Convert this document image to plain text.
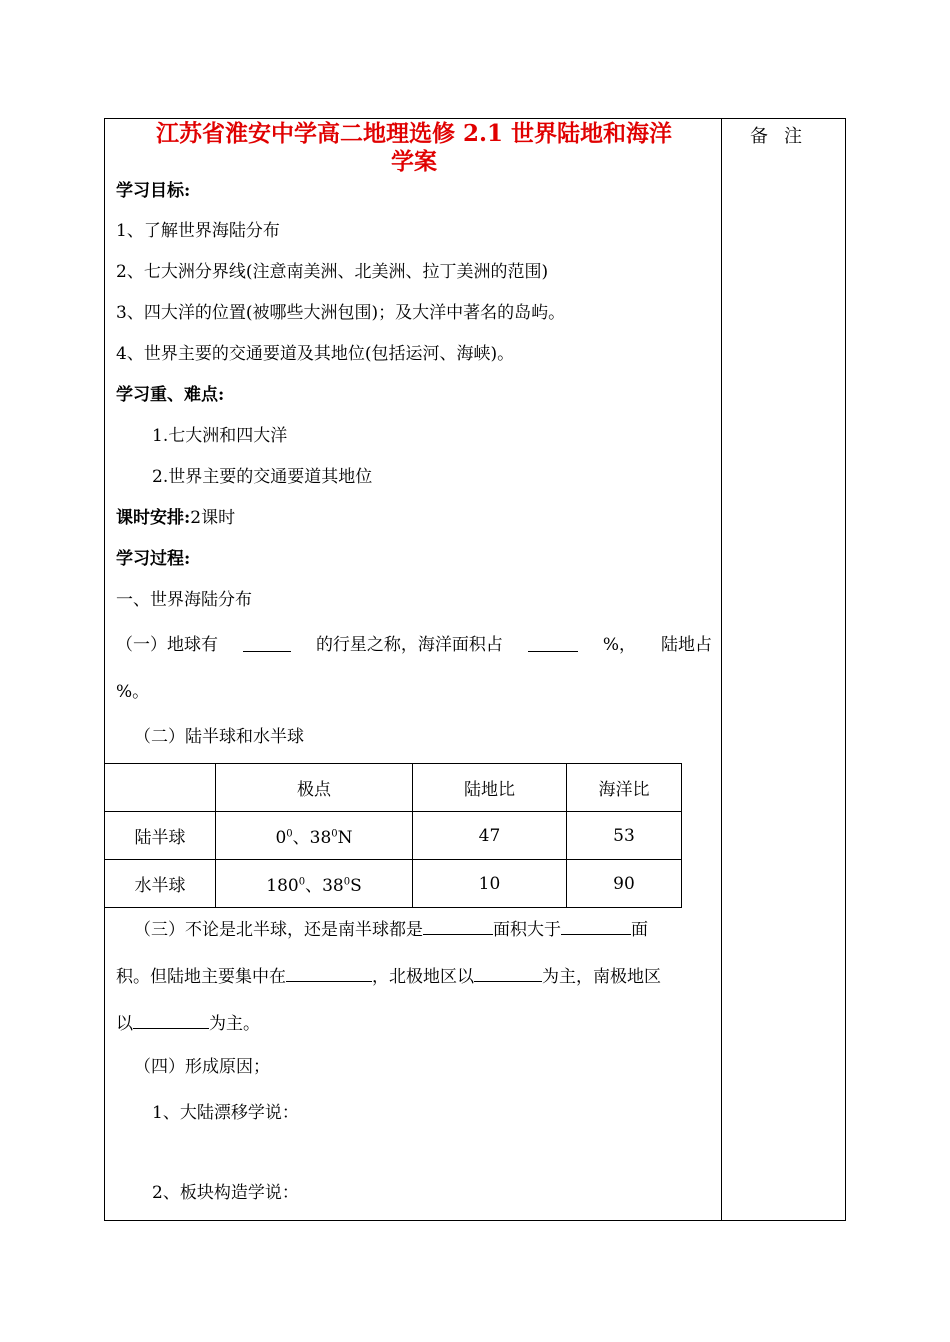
备注
江苏省淮安中学高二地理选修 2.1 世界陆地和海洋
学案
学习目标:
1、了解世界海陆分布
2、七大洲分界线(注意南美洲、北美洲、拉丁美洲的范围)
3、四大洋的位置(被哪些大洲包围)；及大洋中著名的岛屿。
4、世界主要的交通要道及其地位(包括运河、海峡)。
学习重、难点:
1.七大洲和四大洋
2.世界主要的交通要道其地位
课时安排:2课时
学习过程:
一、世界海陆分布
（一）地球有	的行星之称，海洋面积占	%， 陆地占
%。
（二）陆半球和水半球
	极点	陆地比	海洋比
陆半球	$0^0$、$38^0N$	47	53
水半球	$180^0$、$38^0S$	10	90
（三）不论是北半球，还是南半球都是	面积大于	面
积。但陆地主要集中在	，北极地区以	为主，南极地区
以	为主。
（四）形成原因；
1、大陆漂移学说：
2、板块构造学说：
